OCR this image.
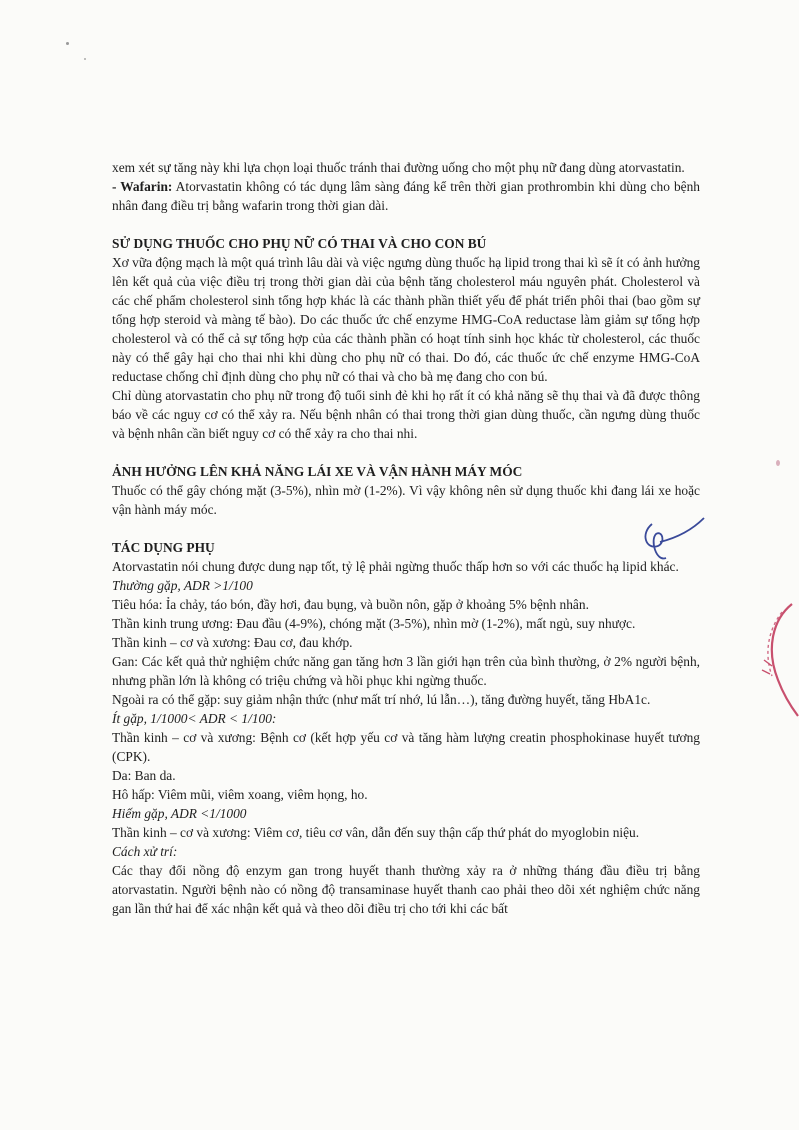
xem xét sự tăng này khi lựa chọn loại thuốc tránh thai đường uống cho một phụ nữ đang dùng atorvastatin.

- Wafarin: Atorvastatin không có tác dụng lâm sàng đáng kể trên thời gian prothrombin khi dùng cho bệnh nhân đang điều trị bằng wafarin trong thời gian dài.

SỬ DỤNG THUỐC CHO PHỤ NỮ CÓ THAI VÀ CHO CON BÚ

Xơ vữa động mạch là một quá trình lâu dài và việc ngưng dùng thuốc hạ lipid trong thai kì sẽ ít có ảnh hưởng lên kết quả của việc điều trị trong thời gian dài của bệnh tăng cholesterol máu nguyên phát. Cholesterol và các chế phẩm cholesterol sinh tổng hợp khác là các thành phần thiết yếu để phát triển phôi thai (bao gồm sự tổng hợp steroid và màng tế bào). Do các thuốc ức chế enzyme HMG-CoA reductase làm giảm sự tổng hợp cholesterol và có thể cả sự tổng hợp của các thành phần có hoạt tính sinh học khác từ cholesterol, các thuốc này có thể gây hại cho thai nhi khi dùng cho phụ nữ có thai. Do đó, các thuốc ức chế enzyme HMG-CoA reductase chống chỉ định dùng cho phụ nữ có thai và cho bà mẹ đang cho con bú.

Chỉ dùng atorvastatin cho phụ nữ trong độ tuổi sinh đẻ khi họ rất ít có khả năng sẽ thụ thai và đã được thông báo về các nguy cơ có thể xảy ra. Nếu bệnh nhân có thai trong thời gian dùng thuốc, cần ngưng dùng thuốc và bệnh nhân cần biết nguy cơ có thể xảy ra cho thai nhi.

ẢNH HƯỞNG LÊN KHẢ NĂNG LÁI XE VÀ VẬN HÀNH MÁY MÓC

Thuốc có thể gây chóng mặt (3-5%), nhìn mờ (1-2%). Vì vậy không nên sử dụng thuốc khi đang lái xe hoặc vận hành máy móc.

TÁC DỤNG PHỤ

Atorvastatin nói chung được dung nạp tốt, tỷ lệ phải ngừng thuốc thấp hơn so với các thuốc hạ lipid khác.

Thường gặp, ADR >1/100

Tiêu hóa: Ỉa chảy, táo bón, đầy hơi, đau bụng, và buồn nôn, gặp ở khoảng 5% bệnh nhân.

Thần kinh trung ương: Đau đầu (4-9%), chóng mặt (3-5%), nhìn mờ (1-2%), mất ngủ, suy nhược.

Thần kinh – cơ và xương: Đau cơ, đau khớp.

Gan: Các kết quả thử nghiệm chức năng gan tăng hơn 3 lần giới hạn trên của bình thường, ở 2% người bệnh, nhưng phần lớn là không có triệu chứng và hồi phục khi ngừng thuốc.

Ngoài ra có thể gặp: suy giảm nhận thức (như mất trí nhớ, lú lẫn…), tăng đường huyết, tăng HbA1c.

Ít gặp, 1/1000< ADR < 1/100:

Thần kinh – cơ và xương: Bệnh cơ (kết hợp yếu cơ và tăng hàm lượng creatin phosphokinase huyết tương (CPK).

Da: Ban da.

Hô hấp: Viêm mũi, viêm xoang, viêm họng, ho.

Hiếm gặp, ADR <1/1000

Thần kinh – cơ và xương: Viêm cơ, tiêu cơ vân, dẫn đến suy thận cấp thứ phát do myoglobin niệu.

Cách xử trí:

Các thay đổi nồng độ enzym gan trong huyết thanh thường xảy ra ở những tháng đầu điều trị bằng atorvastatin. Người bệnh nào có nồng độ transaminase huyết thanh cao phải theo dõi xét nghiệm chức năng gan lần thứ hai để xác nhận kết quả và theo dõi điều trị cho tới khi các bất
